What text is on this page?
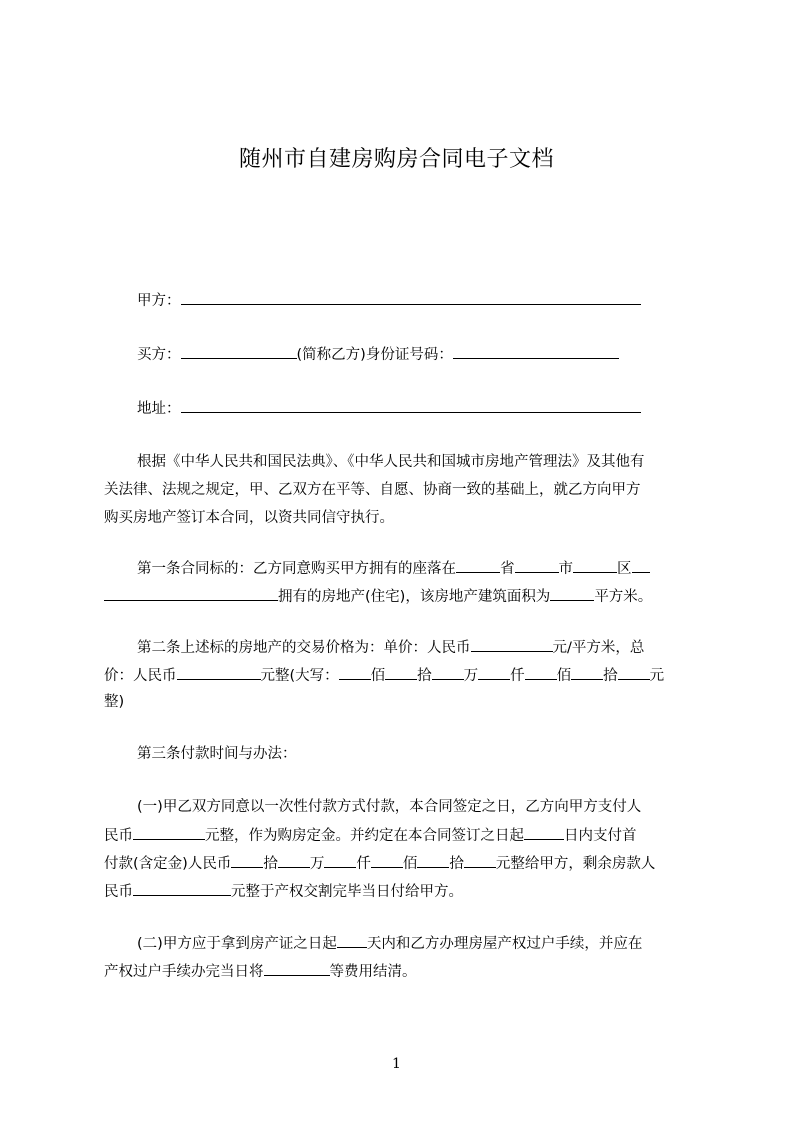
随州市自建房购房合同电子文档
甲方：
买方：	(简称乙方)身份证号码：
地址：
根据《中华人民共和国民法典》、《中华人民共和国城市房地产管理法》及其他有
关法律、法规之规定，甲、乙双方在平等、自愿、协商一致的基础上，就乙方向甲方
购买房地产签订本合同，以资共同信守执行。
第一条合同标的：乙方同意购买甲方拥有的座落在	省	市	区
拥有的房地产(住宅)，该房地产建筑面积为	平方米。
第二条上述标的房地产的交易价格为：单价：人民币	元/平方米，总
价：人民币	元整(大写： 佰 拾 万 仟 佰 拾 元
整)
第三条付款时间与办法：
(一)甲乙双方同意以一次性付款方式付款，本合同签定之日，乙方向甲方支付人
民币	元整，作为购房定金。并约定在本合同签订之日起	日内支付首
付款(含定金)人民币 拾 万 仟 佰 拾 元整给甲方，剩余房款人
民币	元整于产权交割完毕当日付给甲方。
(二)甲方应于拿到房产证之日起 天内和乙方办理房屋产权过户手续，并应在
产权过户手续办完当日将	等费用结清。
1
